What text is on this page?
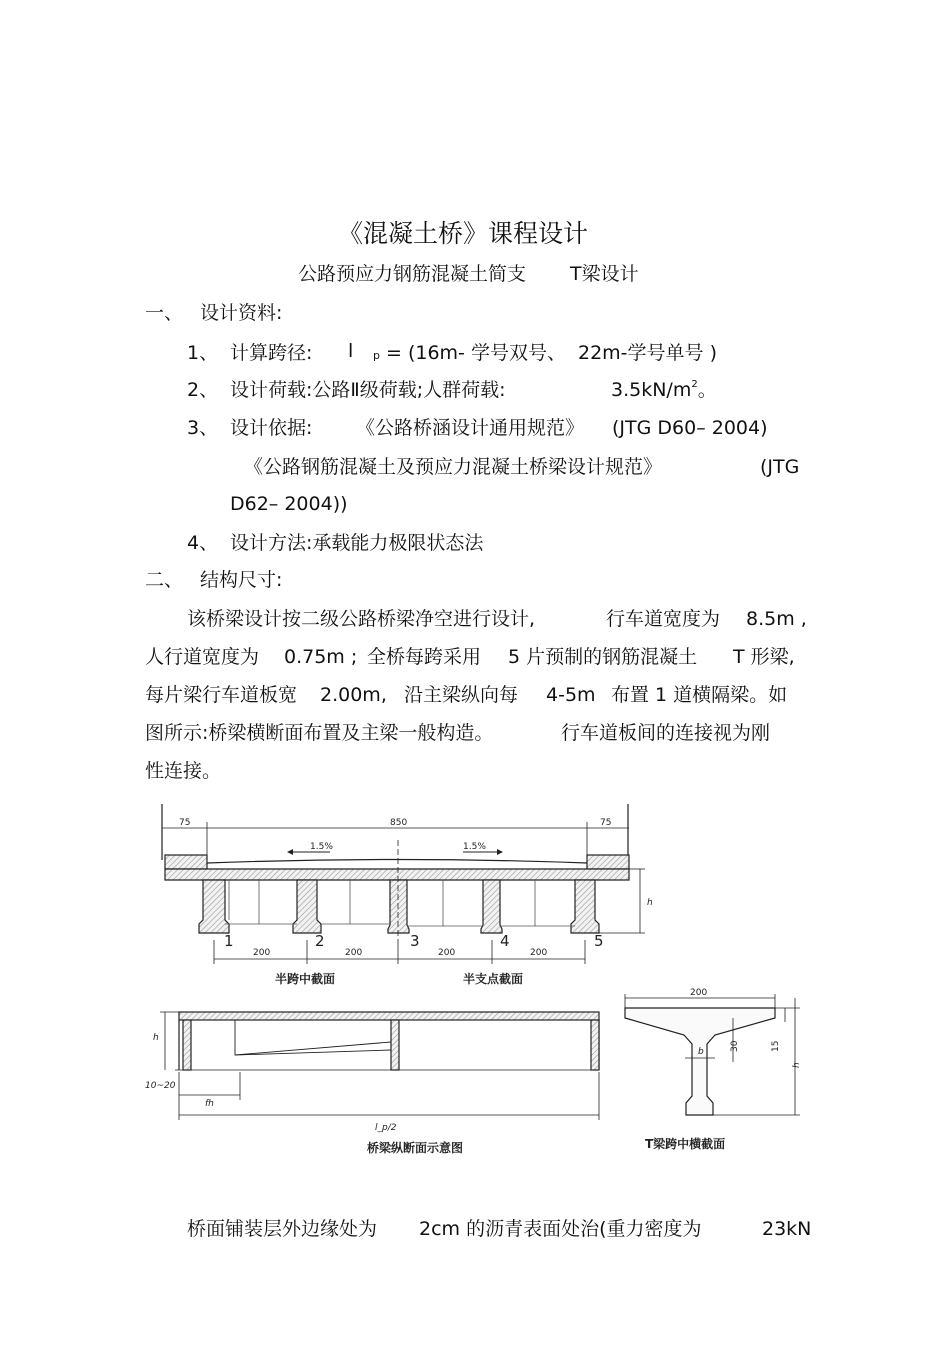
《混凝土桥》课程设计
公路预应力钢筋混凝土简支 T梁设计
一、 设计资料:
1、 计算跨径: l p = (16m- 学号双号、 22m-学号单号 )
2、 设计荷载:公路Ⅱ级荷载;人群荷载:	$3.5kN/m^2$。
3、 设计依据: 《公路桥涵设计通用规范》 (JTG D60– 2004)
《公路钢筋混凝土及预应力混凝土桥梁设计规范》	(JTG
D62– 2004))
4、 设计方法:承载能力极限状态法
二、 结构尺寸:
该桥梁设计按二级公路桥梁净空进行设计,	行车道宽度为 8.5m ,
人行道宽度为 0.75m ; 全桥每跨采用 5 片预制的钢筋混凝土 T 形梁,
每片梁行车道板宽 2.00m, 沿主梁纵向每 4-5m 布置 1 道横隔梁。如
图所示:桥梁横断面布置及主梁一般构造。	行车道板间的连接视为刚
性连接。
75	850	75
1.5%	1.5%
h
1	2	3	4	5
200	200	200	200
半跨中截面	半支点截面
h
10~20
fh
l_p/2
桥梁纵断面示意图
200
30	15
b
h
T梁跨中横截面
桥面铺装层外边缘处为 2cm 的沥青表面处治(重力密度为	23kN
